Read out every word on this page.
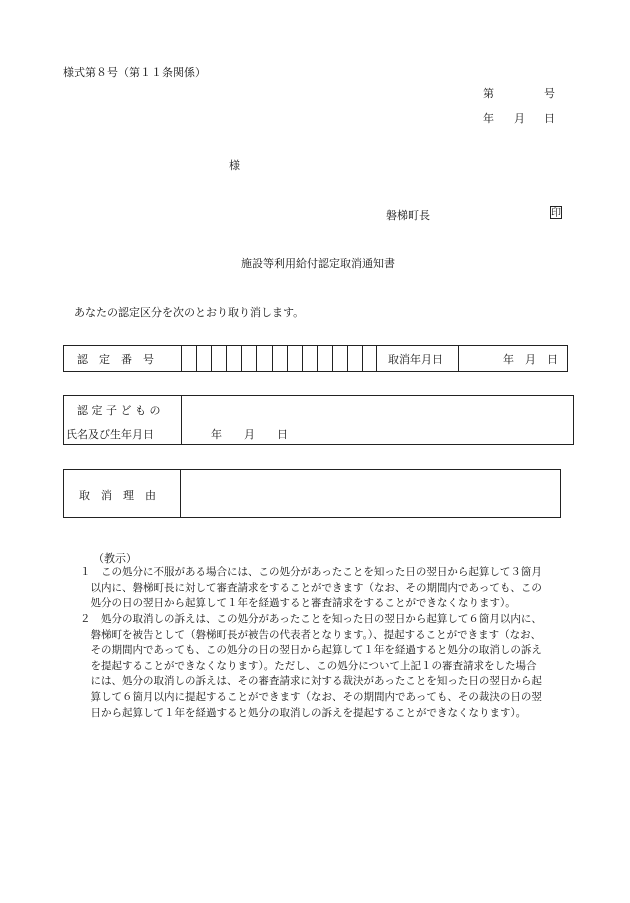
様式第８号（第１１条関係）
第	号
年 月 日
様
磐梯町長	印
施設等利用給付認定取消通知書
あなたの認定区分を次のとおり取り消します。
認　定　番　号	取消年月日	年　月　日
認 定 子 ど も の
氏名及び生年月日	年　　月　　日
取　消　理　由
（教示）

１　この処分に不服がある場合には、この処分があったことを知った日の翌日から起算して３箇月

　以内に、磐梯町長に対して審査請求をすることができます（なお、その期間内であっても、この

　処分の日の翌日から起算して１年を経過すると審査請求をすることができなくなります）。

２　処分の取消しの訴えは、この処分があったことを知った日の翌日から起算して６箇月以内に、

　磐梯町を被告として（磐梯町長が被告の代表者となります。）、提起することができます（なお、

　その期間内であっても、この処分の日の翌日から起算して１年を経過すると処分の取消しの訴え

　を提起することができなくなります）。ただし、この処分について上記１の審査請求をした場合

　には、処分の取消しの訴えは、その審査請求に対する裁決があったことを知った日の翌日から起

　算して６箇月以内に提起することができます（なお、その期間内であっても、その裁決の日の翌

　日から起算して１年を経過すると処分の取消しの訴えを提起することができなくなります）。
